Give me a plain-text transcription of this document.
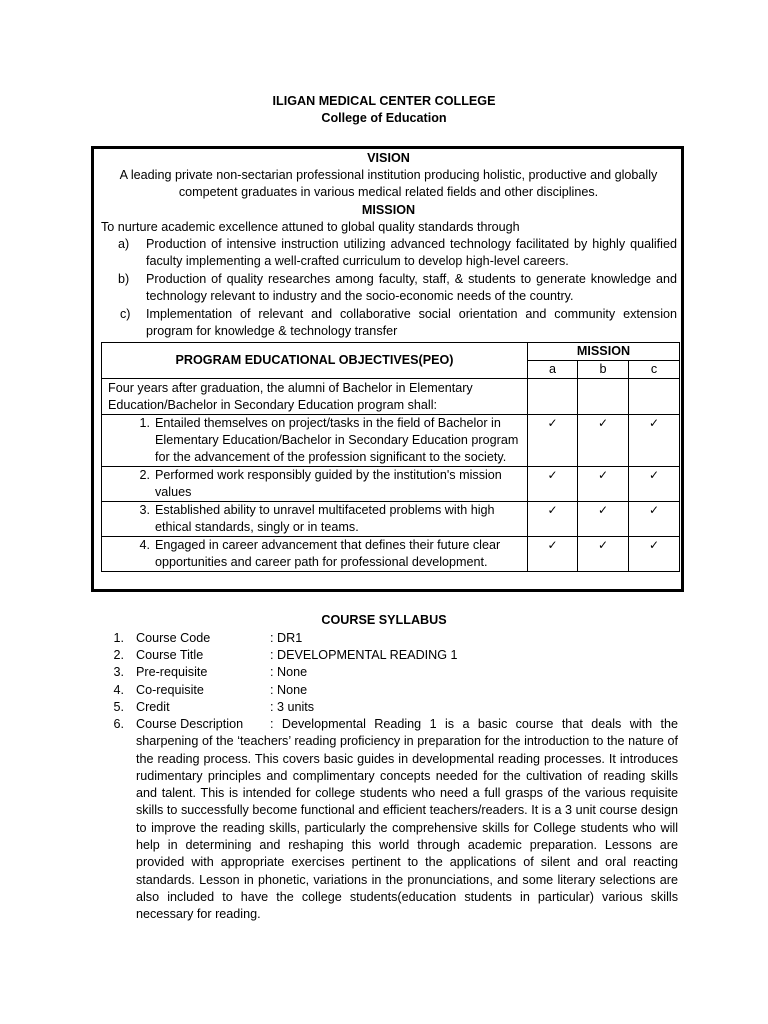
ILIGAN MEDICAL CENTER COLLEGE
College of Education
VISION
A leading private non-sectarian professional institution producing holistic, productive and globally
competent graduates in various medical related fields and other disciplines.
MISSION
To nurture academic excellence attuned to global quality standards through
a)	Production of intensive instruction utilizing advanced technology facilitated by highly qualified faculty implementing a well-crafted curriculum to develop high-level careers.
b)	Production of quality researches among faculty, staff, & students to generate knowledge and technology relevant to industry and the socio-economic needs of the country.
c)	Implementation of relevant and collaborative social orientation and community extension program for knowledge & technology transfer
PROGRAM EDUCATIONAL OBJECTIVES(PEO)	MISSION		
	a	b	c
Four years after graduation, the alumni of Bachelor in Elementary Education/Bachelor in Secondary Education program shall:			

1. Entailed themselves on project/tasks in the field of Bachelor in Elementary Education/Bachelor in Secondary Education program for the advancement of the profession significant to the society.	✓	✓	✓

2. Performed work responsibly guided by the institution's mission values	✓	✓	✓

3. Established ability to unravel multifaceted problems with high ethical standards, singly or in teams.	✓	✓	✓

4. Engaged in career advancement that defines their future clear opportunities and career path for professional development.	✓	✓	✓
COURSE SYLLABUS
1. Course Code	: DR1
2. Course Title	: DEVELOPMENTAL READING 1
3. Pre-requisite	: None
4. Co-requisite	: None
5. Credit	: 3 units
6. Course Description : Developmental Reading 1 is a basic course that deals with the sharpening of the ‘teachers’ reading proficiency in preparation for the introduction to the nature of the reading process. This covers basic guides in developmental reading processes. It introduces rudimentary principles and complimentary concepts needed for the cultivation of reading skills and talent. This is intended for college students who need a full grasps of the various requisite skills to successfully become functional and efficient teachers/readers. It is a 3 unit course design to improve the reading skills, particularly the comprehensive skills for College students who will help in determining and reshaping this world through academic preparation. Lessons are provided with appropriate exercises pertinent to the applications of silent and oral reacting standards. Lesson in phonetic, variations in the pronunciations, and some literary selections are also included to have the college students(education students in particular) various skills necessary for reading.
